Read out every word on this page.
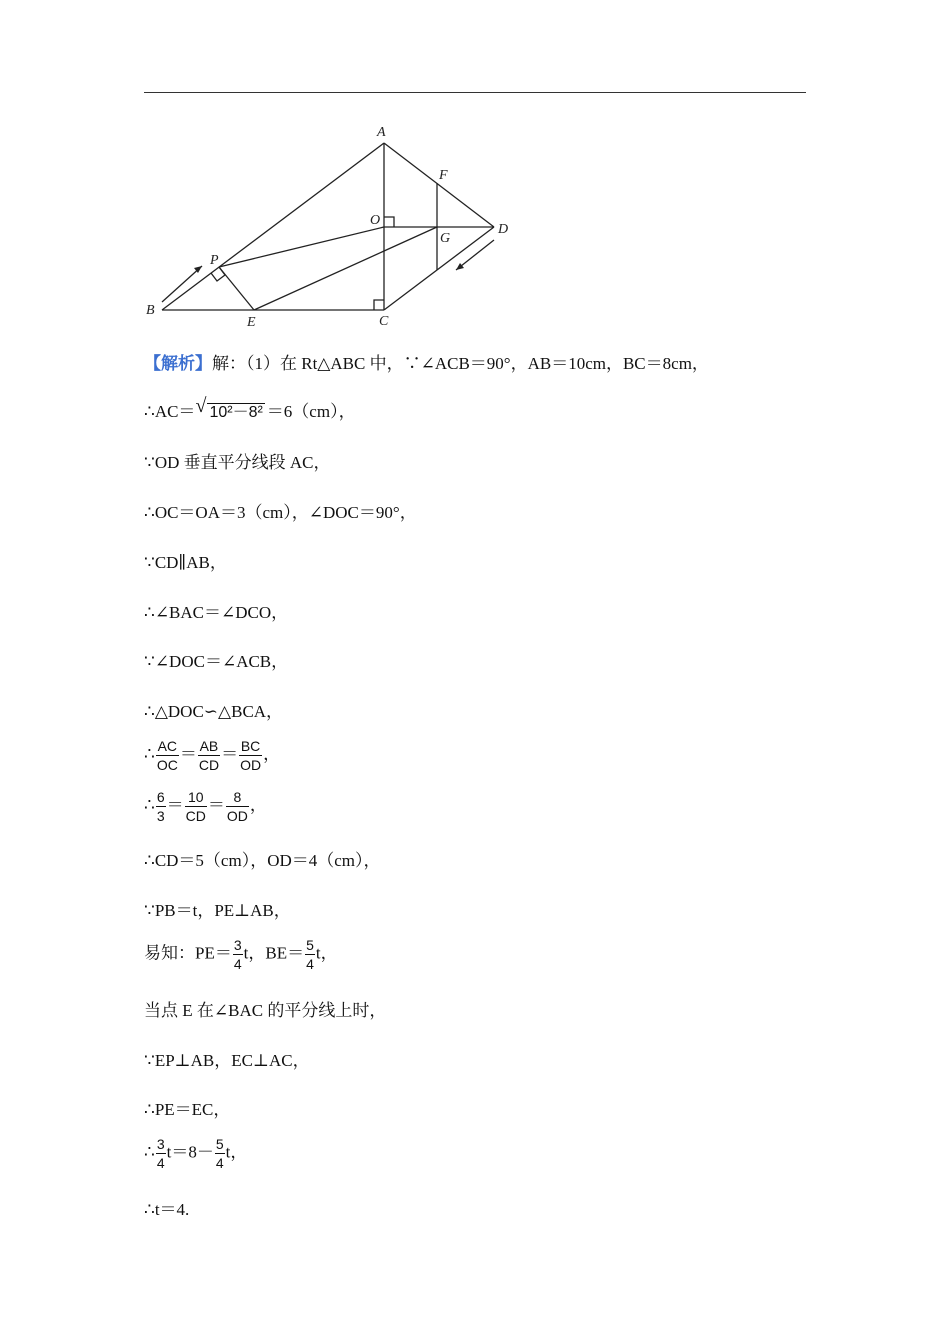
A
B
C
D
E
F
G
O
P
【解析】解：（1）在 Rt△ABC 中，∵∠ACB＝90°，AB＝10cm，BC＝8cm，
∴AC＝ √ 10²－8² ＝6（cm），
∵OD 垂直平分线段 AC，
∴OC＝OA＝3（cm），∠DOC＝90°，
∵CD∥AB，
∴∠BAC＝∠DCO，
∵∠DOC＝∠ACB，
∴△DOC∽△BCA，
∴ $\frac{AC}{OC} = \frac{AB}{CD} = \frac{BC}{OD}$ ，
∴ $\frac{6}{3} = \frac{10}{CD} = \frac{8}{OD}$ ，
∴CD＝5（cm），OD＝4（cm），
∵PB＝t，PE⊥AB，
易知：$PE= \frac{3}{4}$ t，$BE= \frac{5}{4}$ t，
当点 E 在∠BAC 的平分线上时，
∵EP⊥AB，EC⊥AC，
∴PE＝EC，
∴ $\frac{3}{4} t=8- \frac{5}{4}$ t，
∴t＝4.
